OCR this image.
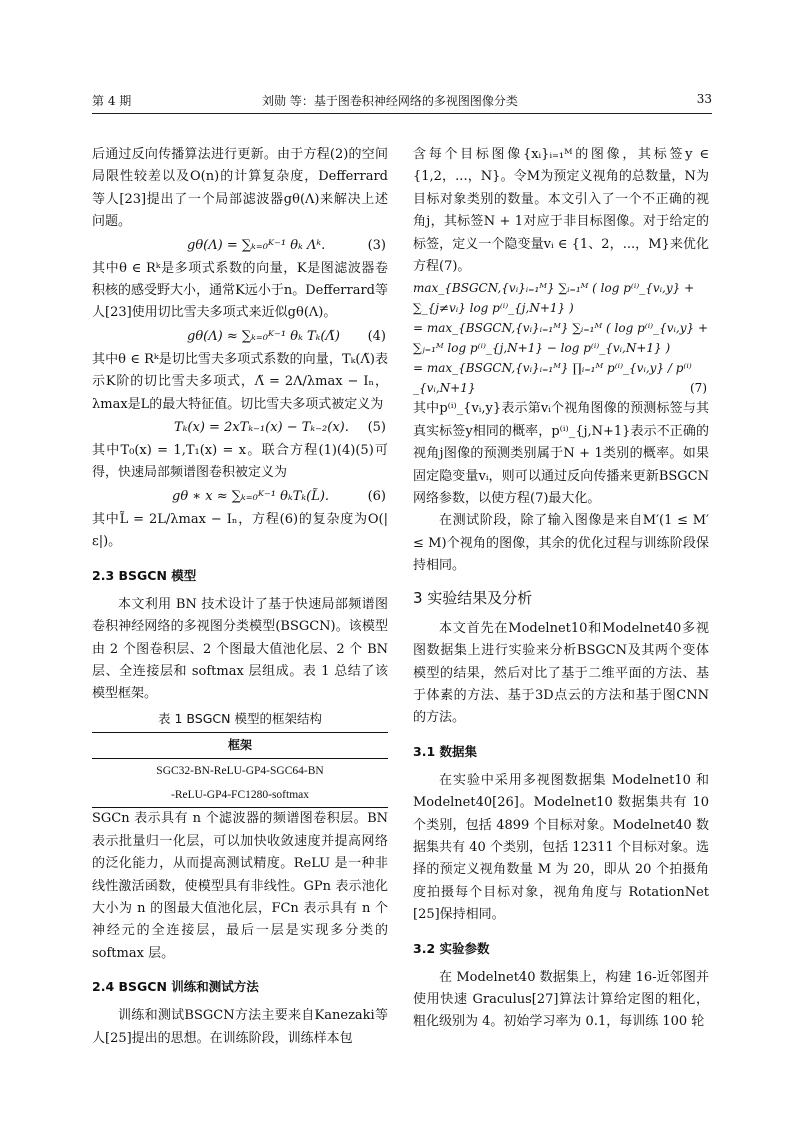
第 4 期	刘勋 等：基于图卷积神经网络的多视图图像分类	33

后通过反向传播算法进行更新。由于方程(2)的空间局限性较差以及O(n)的计算复杂度，Defferrard 等人[23]提出了一个局部滤波器gθ(Λ)来解决上述问题。

gθ(Λ) = ∑ₖ₌₀ᴷ⁻¹ θₖ Λᵏ.	(3)

其中θ ∈ Rᵏ是多项式系数的向量，K是图滤波器卷积核的感受野大小，通常K远小于n。Defferrard等人[23]使用切比雪夫多项式来近似gθ(Λ)。

gθ(Λ) ≈ ∑ₖ₌₀ᴷ⁻¹ θₖ Tₖ(Λ̃) (4)

其中θ ∈ Rᵏ是切比雪夫多项式系数的向量，Tₖ(Λ̃)表示K阶的切比雪夫多项式，Λ̃ = 2Λ/λmax − Iₙ，λmax是L的最大特征值。切比雪夫多项式被定义为

Tₖ(x) = 2xTₖ₋₁(x) − Tₖ₋₂(x). (5)

其中T₀(x) = 1,T₁(x) = x。联合方程(1)(4)(5)可得，快速局部频谱图卷积被定义为

gθ ∗ x ≈ ∑ₖ₌₀ᴷ⁻¹ θₖTₖ(L̃).	(6)

其中L̃ = 2L/λmax − Iₙ，方程(6)的复杂度为O(|ε|)。

2.3 BSGCN 模型

本文利用 BN 技术设计了基于快速局部频谱图卷积神经网络的多视图分类模型(BSGCN)。该模型由 2 个图卷积层、2 个图最大值池化层、2 个 BN 层、全连接层和 softmax 层组成。表 1 总结了该模型框架。

表 1 BSGCN 模型的框架结构
框架
SGC32-BN-ReLU-GP4-SGC64-BN
-ReLU-GP4-FC1280-softmax

SGCn 表示具有 n 个滤波器的频谱图卷积层。BN 表示批量归一化层，可以加快收敛速度并提高网络的泛化能力，从而提高测试精度。ReLU 是一种非线性激活函数，使模型具有非线性。GPn 表示池化大小为 n 的图最大值池化层，FCn 表示具有 n 个神经元的全连接层，最后一层是实现多分类的 softmax 层。

2.4 BSGCN 训练和测试方法

训练和测试BSGCN方法主要来自Kanezaki等人[25]提出的思想。在训练阶段，训练样本包

含每个目标图像{xᵢ}ᵢ₌₁ᴹ的图像，其标签y ∈ {1,2，...，N}。令M为预定义视角的总数量，N为目标对象类别的数量。本文引入了一个不正确的视角j，其标签N + 1对应于非目标图像。对于给定的标签，定义一个隐变量vᵢ ∈ {1、2，...，M}来优化方程(7)。

max_{BSGCN,{vᵢ}ᵢ₌₁ᴹ} ∑ᵢ₌₁ᴹ ( log p⁽ⁱ⁾_{vᵢ,y} + ∑_{j≠vᵢ} log p⁽ⁱ⁾_{j,N+1} )
= max_{BSGCN,{vᵢ}ᵢ₌₁ᴹ} ∑ᵢ₌₁ᴹ ( log p⁽ⁱ⁾_{vᵢ,y} + ∑ⱼ₌₁ᴹ log p⁽ⁱ⁾_{j,N+1} − log p⁽ⁱ⁾_{vᵢ,N+1} )
= max_{BSGCN,{vᵢ}ᵢ₌₁ᴹ} ∏ᵢ₌₁ᴹ p⁽ⁱ⁾_{vᵢ,y} / p⁽ⁱ⁾_{vᵢ,N+1}	(7)

其中p⁽ⁱ⁾_{vᵢ,y}表示第vᵢ个视角图像的预测标签与其真实标签y相同的概率，p⁽ⁱ⁾_{j,N+1}表示不正确的视角j图像的预测类别属于N + 1类别的概率。如果固定隐变量vᵢ，则可以通过反向传播来更新BSGCN 网络参数，以使方程(7)最大化。

在测试阶段，除了输入图像是来自M′(1 ≤ M′ ≤ M)个视角的图像，其余的优化过程与训练阶段保持相同。

3 实验结果及分析

本文首先在Modelnet10和Modelnet40多视图数据集上进行实验来分析BSGCN及其两个变体模型的结果，然后对比了基于二维平面的方法、基于体素的方法、基于3D点云的方法和基于图CNN的方法。

3.1 数据集

在实验中采用多视图数据集 Modelnet10 和 Modelnet40[26]。Modelnet10 数据集共有 10 个类别，包括 4899 个目标对象。Modelnet40 数据集共有 40 个类别，包括 12311 个目标对象。选择的预定义视角数量 M 为 20，即从 20 个拍摄角度拍摄每个目标对象，视角角度与 RotationNet [25]保持相同。

3.2 实验参数

在 Modelnet40 数据集上，构建 16-近邻图并使用快速 Graculus[27]算法计算给定图的粗化，粗化级别为 4。初始学习率为 0.1，每训练 100 轮
